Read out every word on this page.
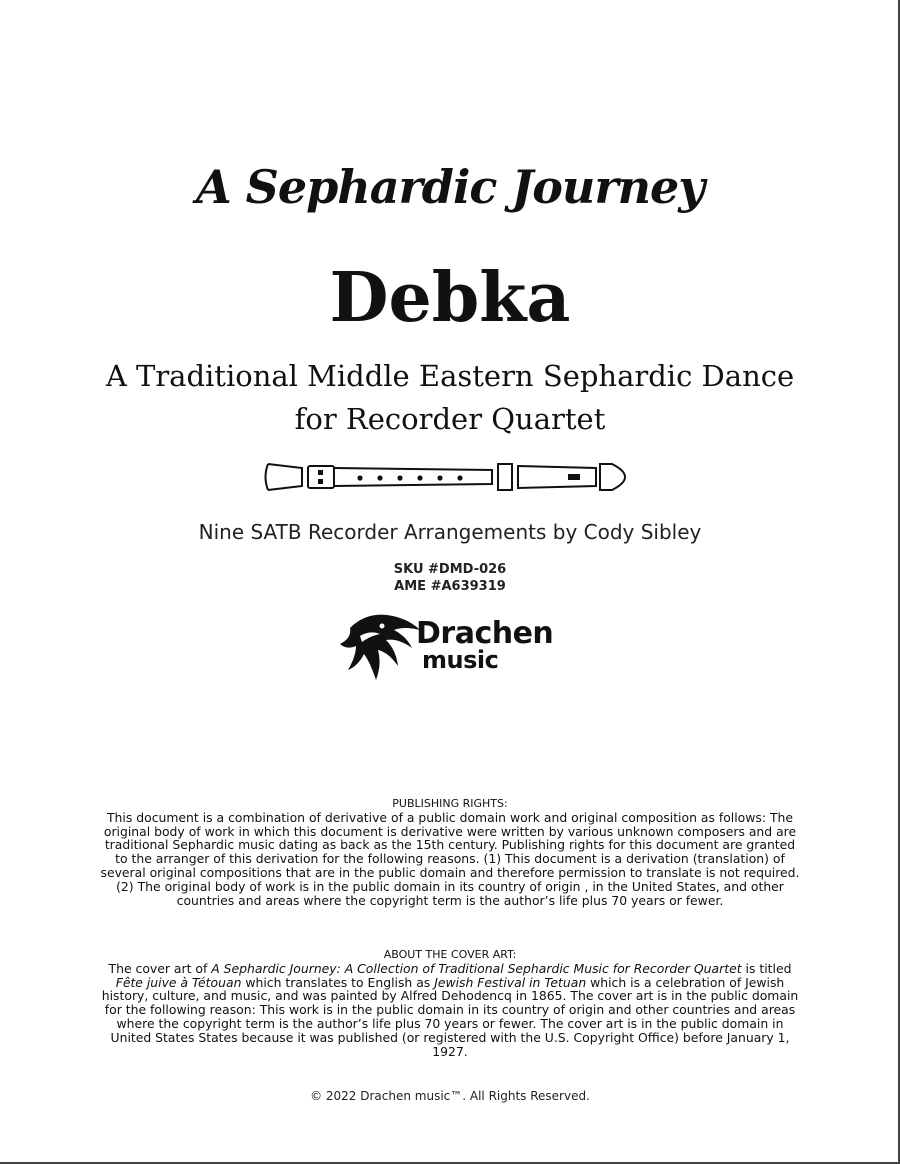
A Sephardic Journey
Debka
A Traditional Middle Eastern Sephardic Dance
for Recorder Quartet
Nine SATB Recorder Arrangements by Cody Sibley
SKU #DMD-026
AME #A639319
Drachen
music
PUBLISHING RIGHTS:
This document is a combination of derivative of a public domain work and original composition as follows: The original body of work in which this document is derivative were written by various unknown composers and are traditional Sephardic music dating as back as the 15th century. Publishing rights for this document are granted to the arranger of this derivation for the following reasons. (1) This document is a derivation (translation) of several original compositions that are in the public domain and therefore permission to translate is not required. (2) The original body of work is in the public domain in its country of origin , in the United States, and other countries and areas where the copyright term is the author’s life plus 70 years or fewer.
ABOUT THE COVER ART:
The cover art of A Sephardic Journey: A Collection of Traditional Sephardic Music for Recorder Quartet is titled Fête juive à Tétouan which translates to English as Jewish Festival in Tetuan which is a celebration of Jewish history, culture, and music, and was painted by Alfred Dehodencq in 1865. The cover art is in the public domain for the following reason: This work is in the public domain in its country of origin and other countries and areas where the copyright term is the author’s life plus 70 years or fewer. The cover art is in the public domain in United States States because it was published (or registered with the U.S. Copyright Office) before January 1, 1927.
© 2022 Drachen music™. All Rights Reserved.
